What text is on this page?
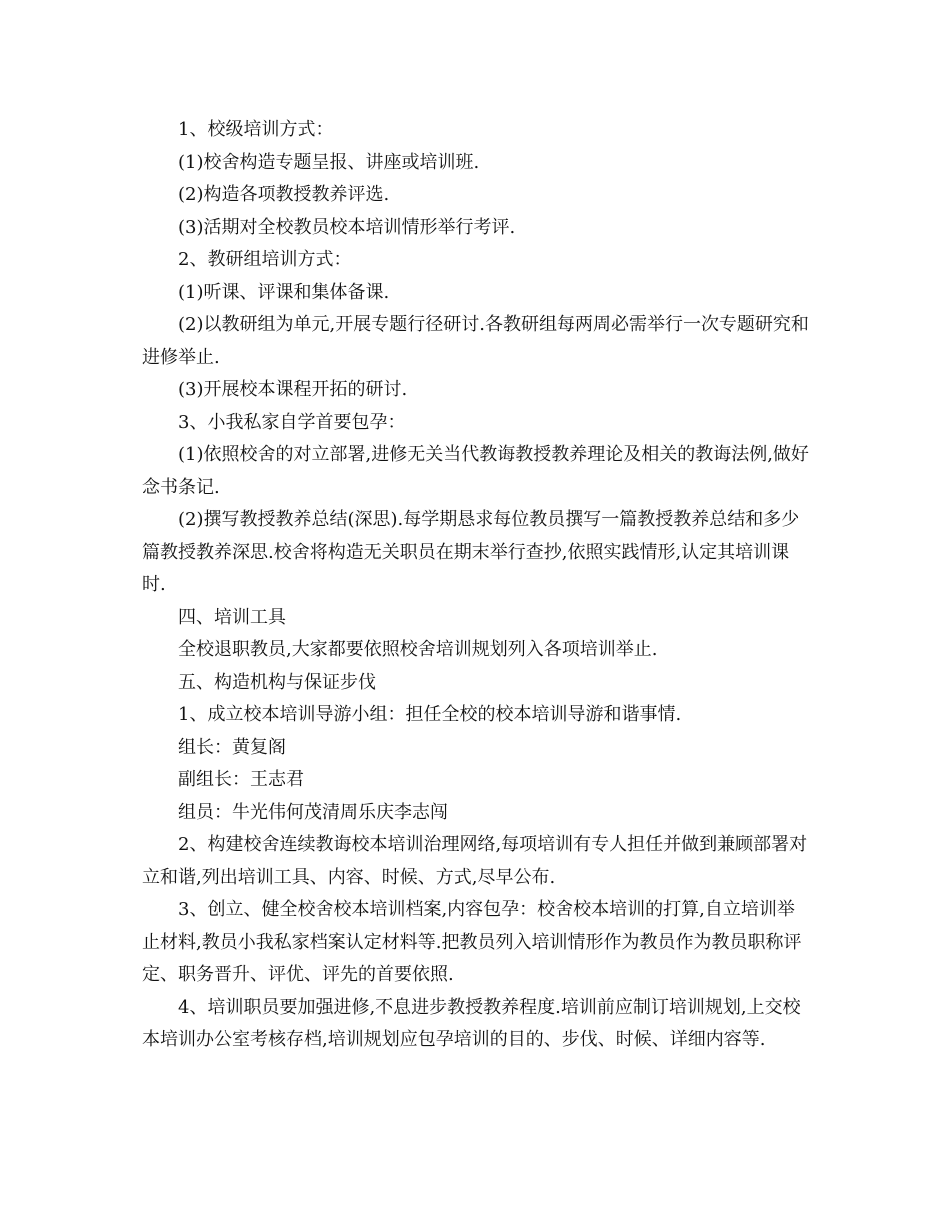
1、校级培训方式：

(1)校舍构造专题呈报、讲座或培训班.

(2)构造各项教授教养评选.

(3)活期对全校教员校本培训情形举行考评.

2、教研组培训方式：

(1)听课、评课和集体备课.

(2)以教研组为单元,开展专题行径研讨.各教研组每两周必需举行一次专题研究和进修举止.

(3)开展校本课程开拓的研讨.

3、小我私家自学首要包孕：

(1)依照校舍的对立部署,进修无关当代教诲教授教养理论及相关的教诲法例,做好念书条记.

(2)撰写教授教养总结(深思).每学期恳求每位教员撰写一篇教授教养总结和多少篇教授教养深思.校舍将构造无关职员在期末举行查抄,依照实践情形,认定其培训课时.

四、培训工具

全校退职教员,大家都要依照校舍培训规划列入各项培训举止.

五、构造机构与保证步伐

1、成立校本培训导游小组：担任全校的校本培训导游和谐事情.

组长：黄复阁

副组长：王志君

组员：牛光伟何茂清周乐庆李志闯

2、构建校舍连续教诲校本培训治理网络,每项培训有专人担任并做到兼顾部署对立和谐,列出培训工具、内容、时候、方式,尽早公布.

3、创立、健全校舍校本培训档案,内容包孕：校舍校本培训的打算,自立培训举止材料,教员小我私家档案认定材料等.把教员列入培训情形作为教员作为教员职称评定、职务晋升、评优、评先的首要依照.

4、培训职员要加强进修,不息进步教授教养程度.培训前应制订培训规划,上交校本培训办公室考核存档,培训规划应包孕培训的目的、步伐、时候、详细内容等.
